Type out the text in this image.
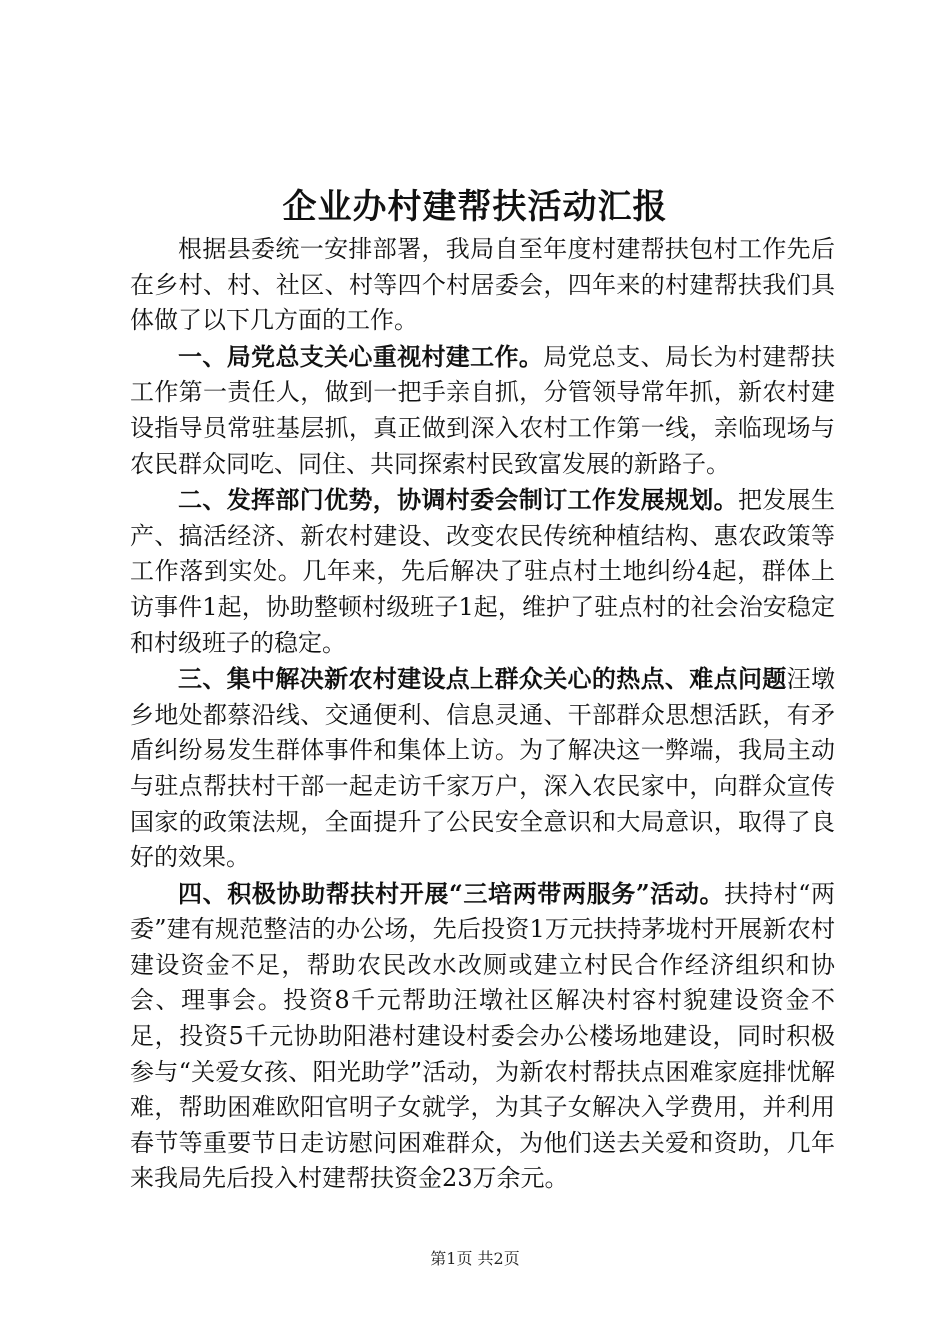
企业办村建帮扶活动汇报

根据县委统一安排部署，我局自至年度村建帮扶包村工作先后在乡村、村、社区、村等四个村居委会，四年来的村建帮扶我们具体做了以下几方面的工作。

一、局党总支关心重视村建工作。局党总支、局长为村建帮扶工作第一责任人，做到一把手亲自抓，分管领导常年抓，新农村建设指导员常驻基层抓，真正做到深入农村工作第一线，亲临现场与农民群众同吃、同住、共同探索村民致富发展的新路子。

二、发挥部门优势，协调村委会制订工作发展规划。把发展生产、搞活经济、新农村建设、改变农民传统种植结构、惠农政策等工作落到实处。几年来，先后解决了驻点村土地纠纷4起，群体上访事件1起，协助整顿村级班子1起，维护了驻点村的社会治安稳定和村级班子的稳定。

三、集中解决新农村建设点上群众关心的热点、难点问题汪墩乡地处都蔡沿线、交通便利、信息灵通、干部群众思想活跃，有矛盾纠纷易发生群体事件和集体上访。为了解决这一弊端，我局主动与驻点帮扶村干部一起走访千家万户，深入农民家中，向群众宣传国家的政策法规，全面提升了公民安全意识和大局意识，取得了良好的效果。

四、积极协助帮扶村开展“三培两带两服务”活动。扶持村“两委”建有规范整洁的办公场，先后投资1万元扶持茅垅村开展新农村建设资金不足，帮助农民改水改厕或建立村民合作经济组织和协会、理事会。投资8千元帮助汪墩社区解决村容村貌建设资金不足，投资5千元协助阳港村建设村委会办公楼场地建设，同时积极参与“关爱女孩、阳光助学”活动，为新农村帮扶点困难家庭排忧解难，帮助困难欧阳官明子女就学，为其子女解决入学费用，并利用春节等重要节日走访慰问困难群众，为他们送去关爱和资助，几年来我局先后投入村建帮扶资金23万余元。

第1页 共2页
